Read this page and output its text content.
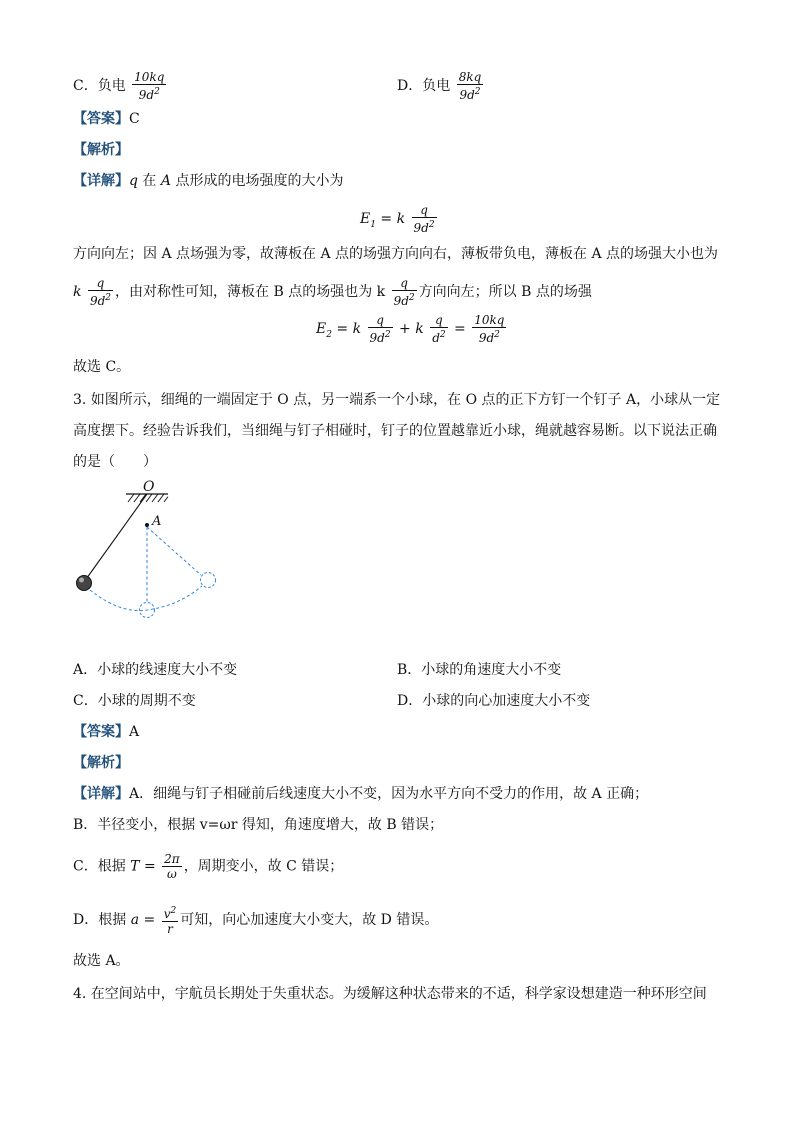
C．负电 $\frac{10kq}{9d^2}$	D．负电 $\frac{8kq}{9d^2}$
【答案】C
【解析】
【详解】q 在 A 点形成的电场强度的大小为
$E_1 = k \frac{q}{9d^2}$
方向向左；因 A 点场强为零，故薄板在 A 点的场强方向向右，薄板带负电，薄板在 A 点的场强大小也为
k $\frac{q}{9d^2}$ ，由对称性可知，薄板在 B 点的场强也为 k $\frac{q}{9d^2}$ 方向向左；所以 B 点的场强
$E_2 = k \frac{q}{9d^2} + k \frac{q}{d^2} = \frac{10kq}{9d^2}$
故选 C。
3. 如图所示，细绳的一端固定于 O 点，另一端系一个小球，在 O 点的正下方钉一个钉子 A，小球从一定
高度摆下。经验告诉我们，当细绳与钉子相碰时，钉子的位置越靠近小球，绳就越容易断。以下说法正确
的是（　　）
O
A
A．小球的线速度大小不变	B．小球的角速度大小不变
C．小球的周期不变	D．小球的向心加速度大小不变
【答案】A
【解析】
【详解】A．细绳与钉子相碰前后线速度大小不变，因为水平方向不受力的作用，故 A 正确；
B．半径变小，根据 v=ωr 得知，角速度增大，故 B 错误；
C．根据 $T = \frac{2\pi}{\omega}$ ，周期变小，故 C 错误；
D．根据 $a = \frac{v^2}{r}$ 可知，向心加速度大小变大，故 D 错误。
故选 A。
4. 在空间站中，宇航员长期处于失重状态。为缓解这种状态带来的不适，科学家设想建造一种环形空间
